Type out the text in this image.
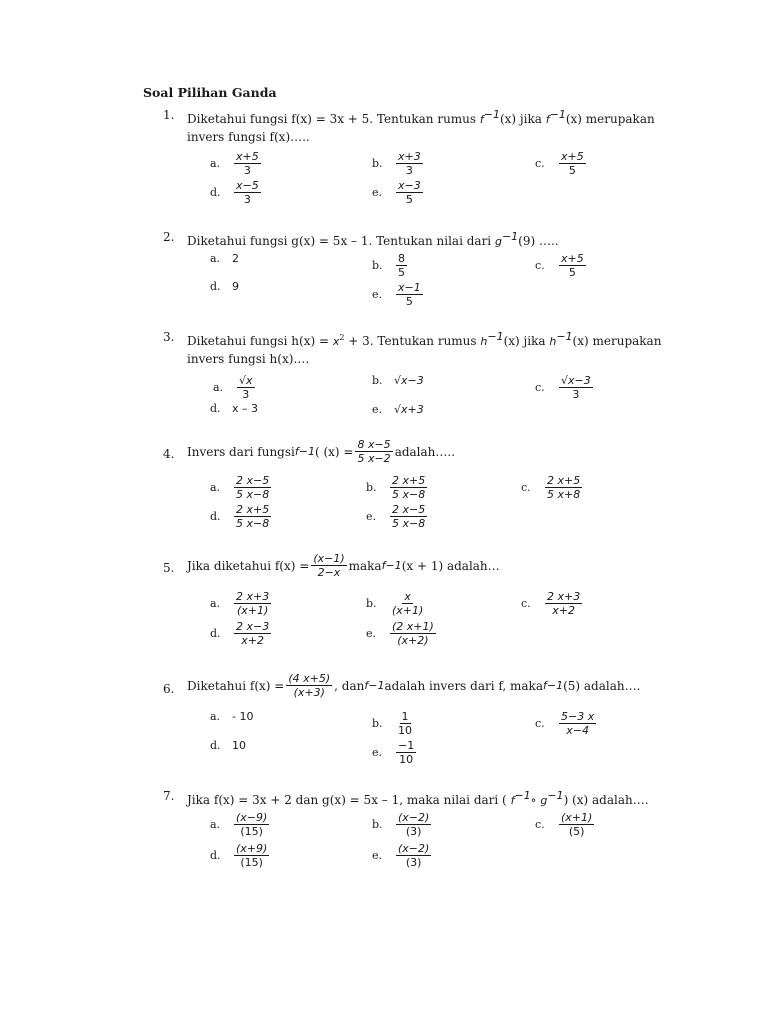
Soal Pilihan Ganda
1. Diketahui fungsi f(x) = 3x + 5. Tentukan rumus $f^{-1}(x)$ jika $f^{-1}(x)$ merupakan
invers fungsi f(x)…..
a.	$\frac{x+5}{3}$	b.	$\frac{x+3}{3}$	c.	$\frac{x+5}{5}$
d.	$\frac{x-5}{3}$	e.	$\frac{x-3}{5}$
2. Diketahui fungsi g(x) = 5x – 1. Tentukan nilai dari $g^{-1}(9)$ …..
a.	2
b.	$\frac{8}{5}$	c.	$\frac{x+5}{5}$
d.	9
e.	$\frac{x-1}{5}$
3. Diketahui fungsi $h(x) = x^2 + 3$. Tentukan rumus $h^{-1}(x)$ jika $h^{-1}(x)$ merupakan
invers fungsi h(x)….
a.	$\frac{√x}{3}$	b.	√x−3
c.	$\frac{√x-3}{3}$
d.	x – 3	e.	√x+3
4. Invers dari fungsi f −1 ( $(x) = \frac{8 x-5}{5 x-2}$ adalah…..
a.	$\frac{2 x-5}{5 x-8}$	b.	$\frac{2 x+5}{5 x-8}$	c.	$\frac{2 x+5}{5 x+8}$
d.	$\frac{2 x+5}{5 x-8}$	e.	$\frac{2 x-5}{5 x-8}$
5. Jika diketahui $f(x) = \frac{(x-1)}{2-x}$ maka f −1 (x + 1) adalah…
a.	$\frac{2 x+3}{(x+1)}$	b.	$\frac{x}{(x+1)}$	c.	$\frac{2 x+3}{x+2}$
d.	$\frac{2 x-3}{x+2}$	e.	$\frac{(2 x+1)}{(x+2)}$
6. Diketahui $f(x) = \frac{(4 x+5)}{(x+3)}$ , dan f −1 adalah invers dari f, maka f −1 (5) adalah….
a.	- 10
b.	$\frac{1}{10}$	c.	$\frac{5-3 x}{x-4}$
d.	10
e.	$\frac{-1}{10}$
7. Jika f(x) = 3x + 2 dan g(x) = 5x – 1, maka nilai dari ( $f^{-1}\circ$ $g^{-1}$) (x) adalah….
a.	$\frac{(x-9)}{(15)}$	b.	$\frac{(x-2)}{(3)}$	c.	$\frac{(x+1)}{(5)}$
d.	$\frac{(x+9)}{(15)}$	e.	$\frac{(x-2)}{(3)}$
